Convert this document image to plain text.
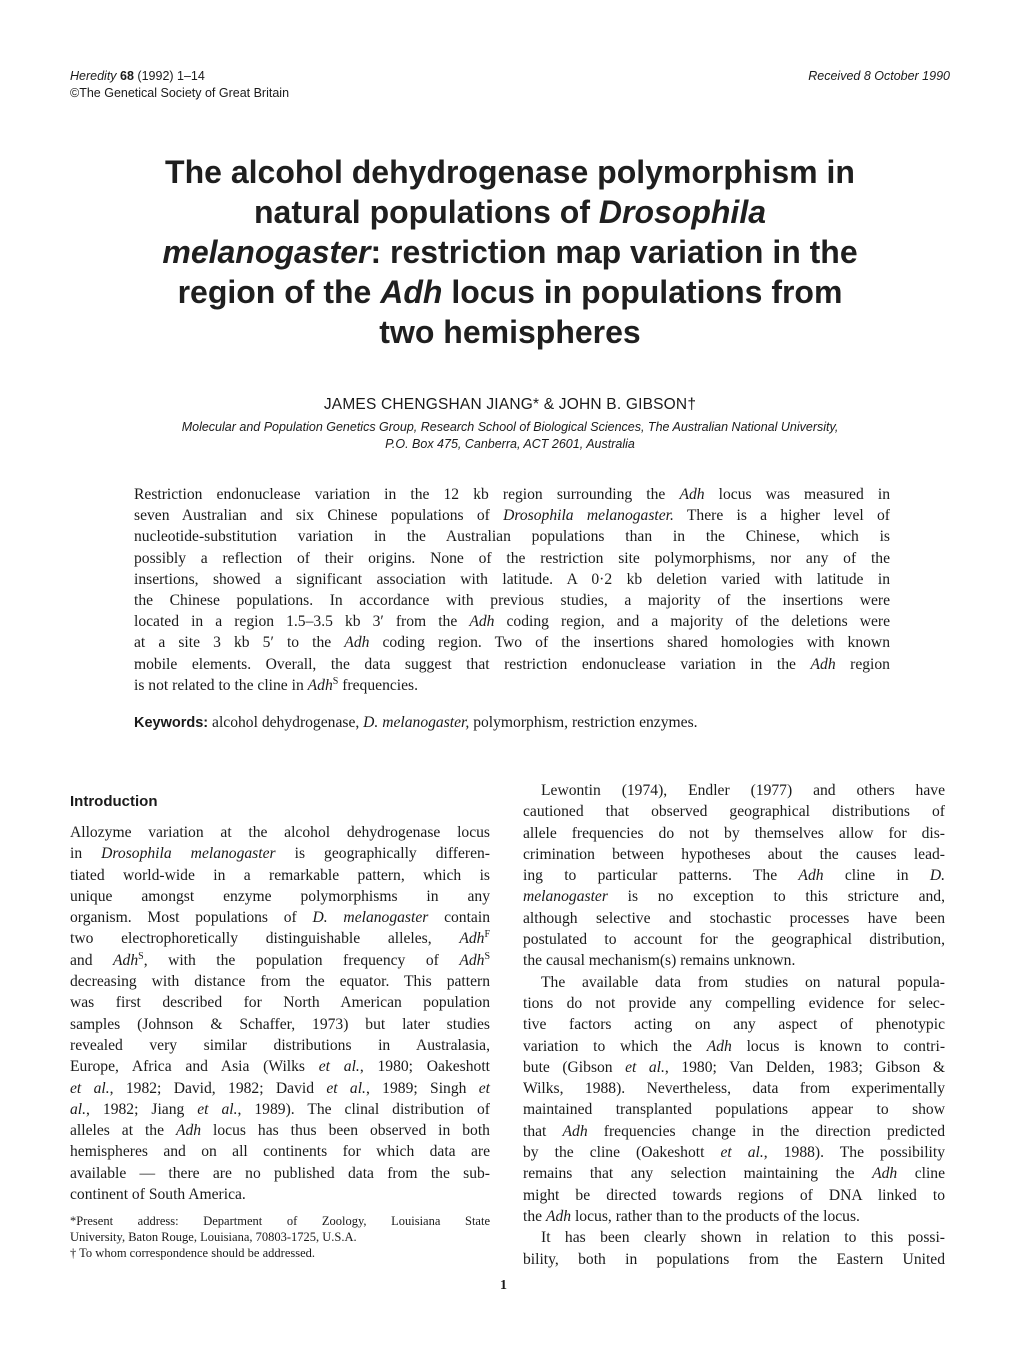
Heredity 68 (1992) 1–14
©The Genetical Society of Great Britain
Received 8 October 1990
The alcohol dehydrogenase polymorphism in
natural populations of Drosophila
melanogaster: restriction map variation in the
region of the Adh locus in populations from
two hemispheres
JAMES CHENGSHAN JIANG* & JOHN B. GIBSON†
Molecular and Population Genetics Group, Research School of Biological Sciences, The Australian National University,
P.O. Box 475, Canberra, ACT 2601, Australia
Restriction endonuclease variation in the 12 kb region surrounding the Adh locus was measured in
seven Australian and six Chinese populations of Drosophila melanogaster. There is a higher level of
nucleotide-substitution variation in the Australian populations than in the Chinese, which is
possibly a reflection of their origins. None of the restriction site polymorphisms, nor any of the
insertions, showed a significant association with latitude. A 0·2 kb deletion varied with latitude in
the Chinese populations. In accordance with previous studies, a majority of the insertions were
located in a region 1.5–3.5 kb 3′ from the Adh coding region, and a majority of the deletions were
at a site 3 kb 5′ to the Adh coding region. Two of the insertions shared homologies with known
mobile elements. Overall, the data suggest that restriction endonuclease variation in the Adh region
is not related to the cline in Adh$^S$ frequencies.
Keywords: alcohol dehydrogenase, D. melanogaster, polymorphism, restriction enzymes.
Introduction
Allozyme variation at the alcohol dehydrogenase locus
in Drosophila melanogaster is geographically differen-
tiated world-wide in a remarkable pattern, which is
unique amongst enzyme polymorphisms in any
organism. Most populations of D. melanogaster contain
two electrophoretically distinguishable alleles, Adh$^F$
and Adh$^S$, with the population frequency of Adh$^S$
decreasing with distance from the equator. This pattern
was first described for North American population
samples (Johnson & Schaffer, 1973) but later studies
revealed very similar distributions in Australasia,
Europe, Africa and Asia (Wilks et al., 1980; Oakeshott
et al., 1982; David, 1982; David et al., 1989; Singh et
al., 1982; Jiang et al., 1989). The clinal distribution of
alleles at the Adh locus has thus been observed in both
hemispheres and on all continents for which data are
available — there are no published data from the sub-
continent of South America.
*Present address: Department of Zoology, Louisiana State
University, Baton Rouge, Louisiana, 70803-1725, U.S.A.
† To whom correspondence should be addressed.
Lewontin (1974), Endler (1977) and others have
cautioned that observed geographical distributions of
allele frequencies do not by themselves allow for dis-
crimination between hypotheses about the causes lead-
ing to particular patterns. The Adh cline in D.
melanogaster is no exception to this stricture and,
although selective and stochastic processes have been
postulated to account for the geographical distribution,
the causal mechanism(s) remains unknown.
The available data from studies on natural popula-
tions do not provide any compelling evidence for selec-
tive factors acting on any aspect of phenotypic
variation to which the Adh locus is known to contri-
bute (Gibson et al., 1980; Van Delden, 1983; Gibson &
Wilks, 1988). Nevertheless, data from experimentally
maintained transplanted populations appear to show
that Adh frequencies change in the direction predicted
by the cline (Oakeshott et al., 1988). The possibility
remains that any selection maintaining the Adh cline
might be directed towards regions of DNA linked to
the Adh locus, rather than to the products of the locus.
It has been clearly shown in relation to this possi-
bility, both in populations from the Eastern United
1
